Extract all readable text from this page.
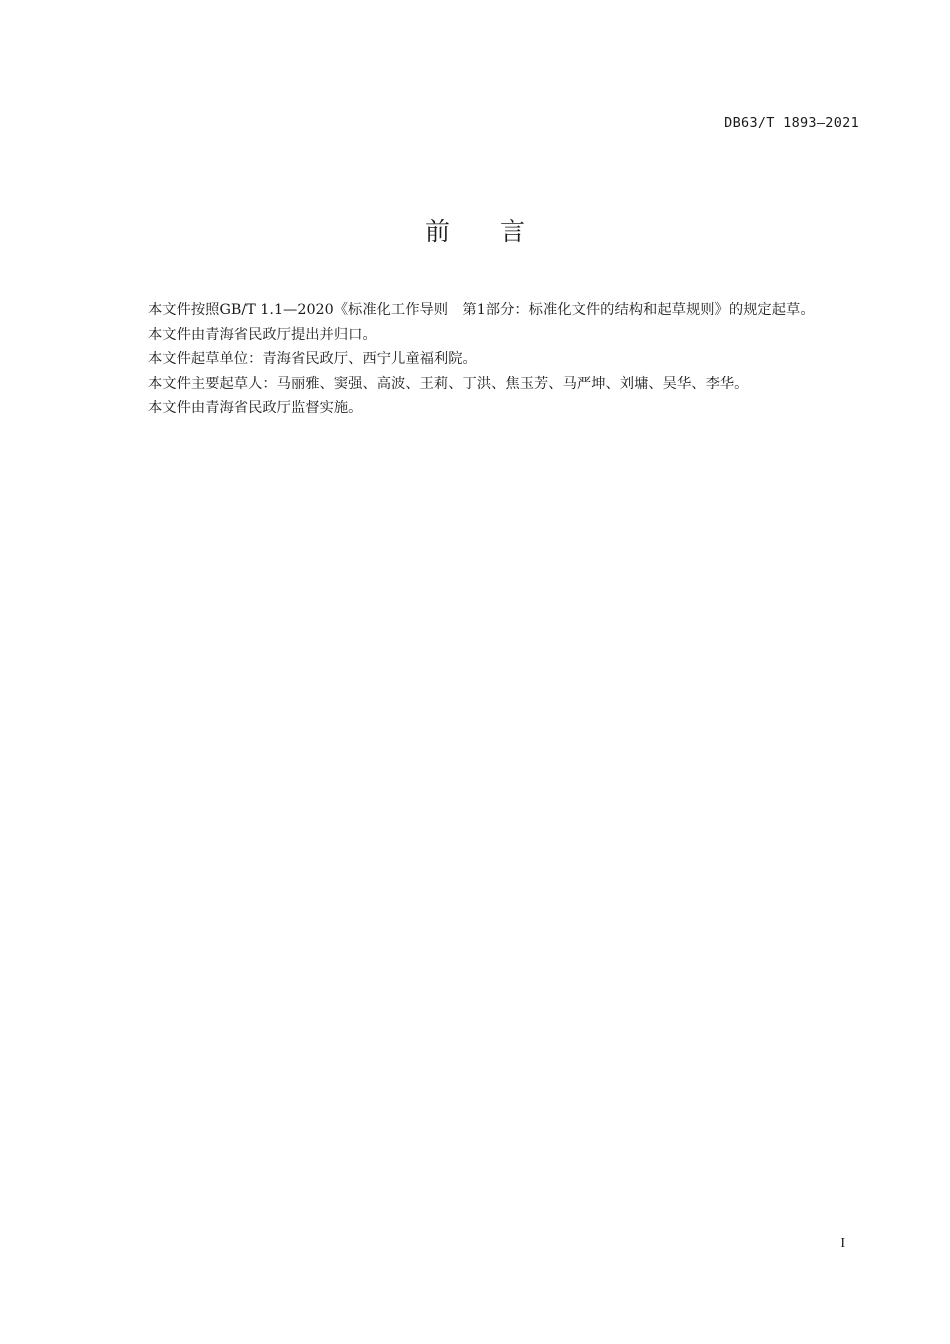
DB63/T 1893—2021
前言

本文件按照GB/T 1.1—2020《标准化工作导则　第1部分：标准化文件的结构和起草规则》的规定起草。

本文件由青海省民政厅提出并归口。

本文件起草单位：青海省民政厅、西宁儿童福利院。

本文件主要起草人：马丽雅、窦强、高波、王莉、丁洪、焦玉芳、马严坤、刘墉、吴华、李华。

本文件由青海省民政厅监督实施。

I
